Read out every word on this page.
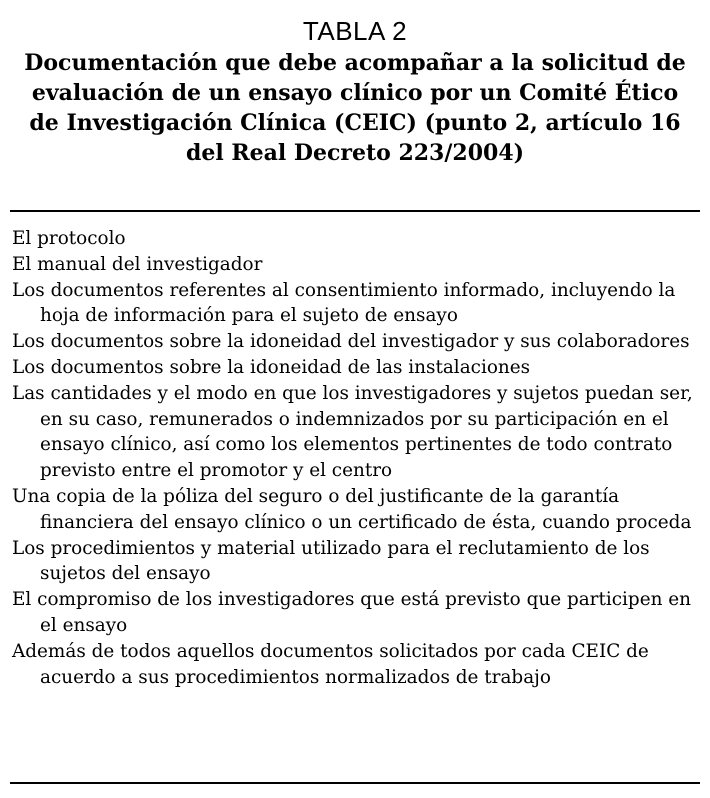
TABLA 2
Documentación que debe acompañar a la solicitud de evaluación de un ensayo clínico por un Comité Ético de Investigación Clínica (CEIC) (punto 2, artículo 16 del Real Decreto 223/2004)
El protocolo
El manual del investigador
Los documentos referentes al consentimiento informado, incluyendo la hoja de información para el sujeto de ensayo
Los documentos sobre la idoneidad del investigador y sus colaboradores
Los documentos sobre la idoneidad de las instalaciones
Las cantidades y el modo en que los investigadores y sujetos puedan ser, en su caso, remunerados o indemnizados por su participación en el ensayo clínico, así como los elementos pertinentes de todo contrato previsto entre el promotor y el centro
Una copia de la póliza del seguro o del justificante de la garantía financiera del ensayo clínico o un certificado de ésta, cuando proceda
Los procedimientos y material utilizado para el reclutamiento de los sujetos del ensayo
El compromiso de los investigadores que está previsto que participen en el ensayo
Además de todos aquellos documentos solicitados por cada CEIC de acuerdo a sus procedimientos normalizados de trabajo
